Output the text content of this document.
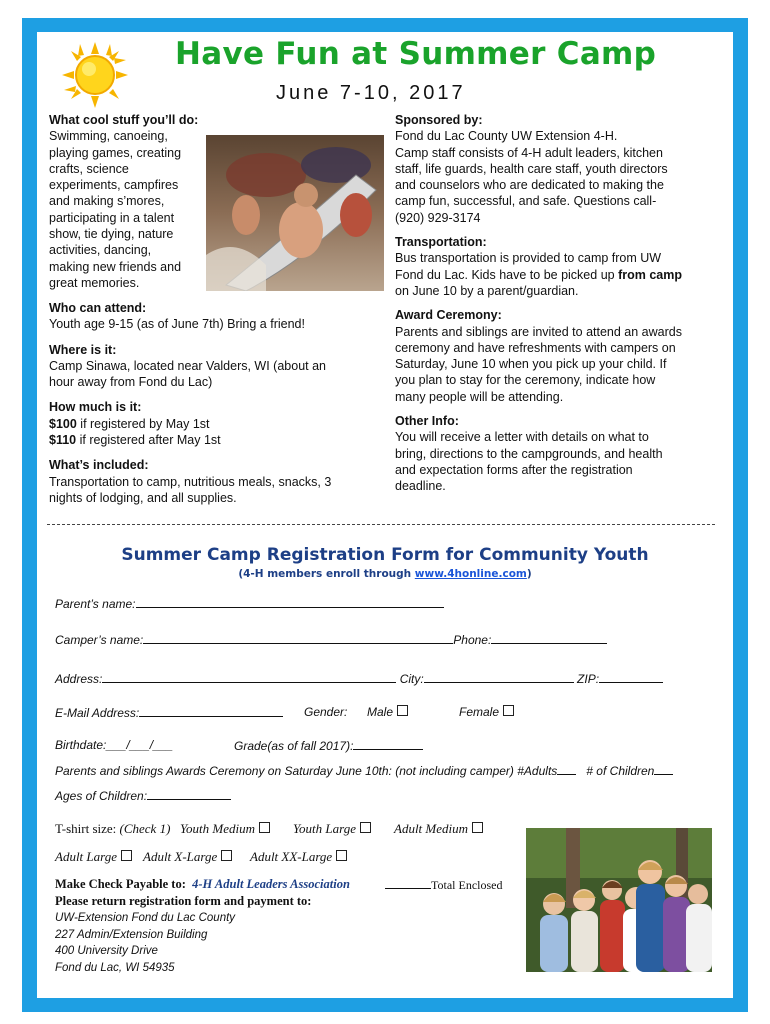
Have Fun at Summer Camp
June 7-10, 2017

What cool stuff you’ll do:

Swimming, canoeing,

playing games, creating

crafts, science

experiments, campfires

and making s’mores,

participating in a talent

show, tie dying, nature

activities, dancing,

making new friends and

great memories.

Who can attend:

Youth age 9-15 (as of June 7th) Bring a friend!

Where is it:

Camp Sinawa, located near Valders, WI (about an

hour away from Fond du Lac)

How much is it:

$100 if registered by May 1st

$110 if registered after May 1st

What’s included:

Transportation to camp, nutritious meals, snacks, 3

nights of lodging, and all supplies.

Sponsored by:

Fond du Lac County UW Extension 4-H.

Camp staff consists of 4-H adult leaders, kitchen

staff, life guards, health care staff, youth directors

and counselors who are dedicated to making the

camp fun, successful, and safe. Questions call-

(920) 929-3174

Transportation:

Bus transportation is provided to camp from UW

Fond du Lac. Kids have to be picked up from camp

on June 10 by a parent/guardian.

Award Ceremony:

Parents and siblings are invited to attend an awards

ceremony and have refreshments with campers on

Saturday, June 10 when you pick up your child. If

you plan to stay for the ceremony, indicate how

many people will be attending.

Other Info:

You will receive a letter with details on what to

bring, directions to the campgrounds, and health

and expectation forms after the registration

deadline.

Summer Camp Registration Form for Community Youth
(4-H members enroll through www.4honline.com)
Parent’s name:
Camper’s name:	Phone:
Address:	City:	ZIP:
E-Mail Address:	Gender: Male	Female
Birthdate:___/___/___	Grade(as of fall 2017):
Parents and siblings Awards Ceremony on Saturday June 10th: (not including camper) #Adults # of Children
Ages of Children:
T-shirt size: (Check 1) Youth Medium	Youth Large	Adult Medium
Adult Large	Adult X-Large	Adult XX-Large
Make Check Payable to:  4-H Adult Leaders Association	Total Enclosed
Please return registration form and payment to:
UW-Extension Fond du Lac County
227 Admin/Extension Building
400 University Drive
Fond du Lac, WI 54935
